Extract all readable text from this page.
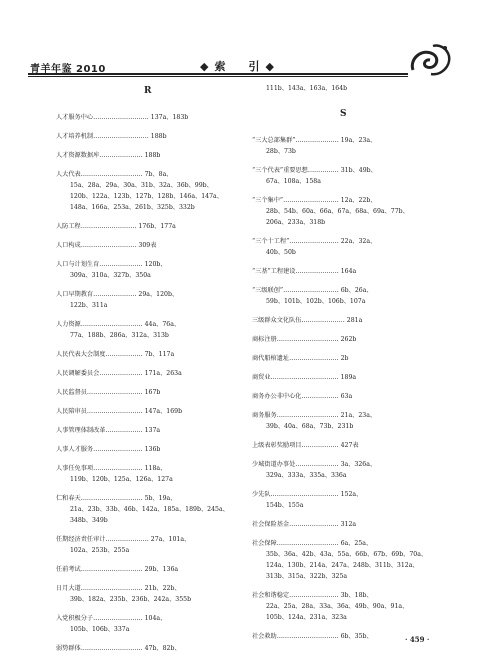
青羊年鉴 2010	◆索　引◆
R
人才服务中心……………………… 137a、183b
人才培养机制……………………… 188b
人才资源数据库………………… 188b
人大代表………………………… 7b、8a、
15a、28a、29a、30a、31b、32a、36b、99b、
120b、122a、123b、127b、128b、146a、147a、
148a、166a、253a、261b、325b、332b
人防工程……………………… 176b、177a
人口构成……………………… 309表
人口与计划生育………………… 120b、
309a、310a、327b、350a
人口早期教育………………… 29a、120b、
122b、311a
人力资源………………………… 44a、76a、
77a、188b、286a、312a、313b
人民代表大会制度……………… 7b、117a
人民调解委员会………………… 171a、263a
人民监督员……………………… 167b
人民陪审员……………………… 147a、169b
人事管理体制改革……………… 137a
人事人才服务…………………… 136b
人事任免事项…………………… 118a、
119b、120b、125a、126a、127a
仁和春天………………………… 5b、19a、
21a、23b、33b、46b、142a、185a、189b、245a、
348b、349b
任期经济责任审计………………… 27a、101a、
102a、253b、255a
任前考试………………………… 29b、136a
日月大道………………………… 21b、22b、
39b、182a、235b、236b、242a、355b
入党积极分子…………………… 104a、
105b、106b、337a
弱势群体………………………… 47b、82b、
111b、143a、163a、164b
S
“三大总部集群”………………… 19a、23a、
28b、73b
“三个代表”重要思想…………… 31b、49b、
67a、108a、158a
“三个集中”……………………… 12a、22b、
28b、54b、60a、66a、67a、68a、69a、77b、
206a、233a、318b
“三个十工程”…………………… 22a、32a、
40b、50b
“三基”工程建设………………… 164a
“三级联创”……………………… 6b、26a、
59b、101b、102b、106b、107a
三级群众文化队伍………………… 281a
商标注册………………………… 262b
商代船棺遗址…………………… 2b
商贸业…………………………… 189a
商务办公非中心化……………… 63a
商务服务………………………… 21a、23a、
39b、40a、68a、73b、231b
上级表彰奖励项目……………… 427表
少城街道办事处………………… 3a、326a、
329a、333a、335a、336a
少先队…………………………… 152a、
154b、155a
社会保险基金…………………… 312a
社会保障………………………… 6a、25a、
35b、36a、42b、43a、55a、66b、67b、69b、70a、
124a、130b、214a、247a、248b、311b、312a、
313b、315a、322b、325a
社会和谐稳定…………………… 3b、18b、
22a、25a、28a、33a、36a、49b、90a、91a、
105b、124a、231a、323a
社会救助………………………… 6b、35b、	· 459 ·
